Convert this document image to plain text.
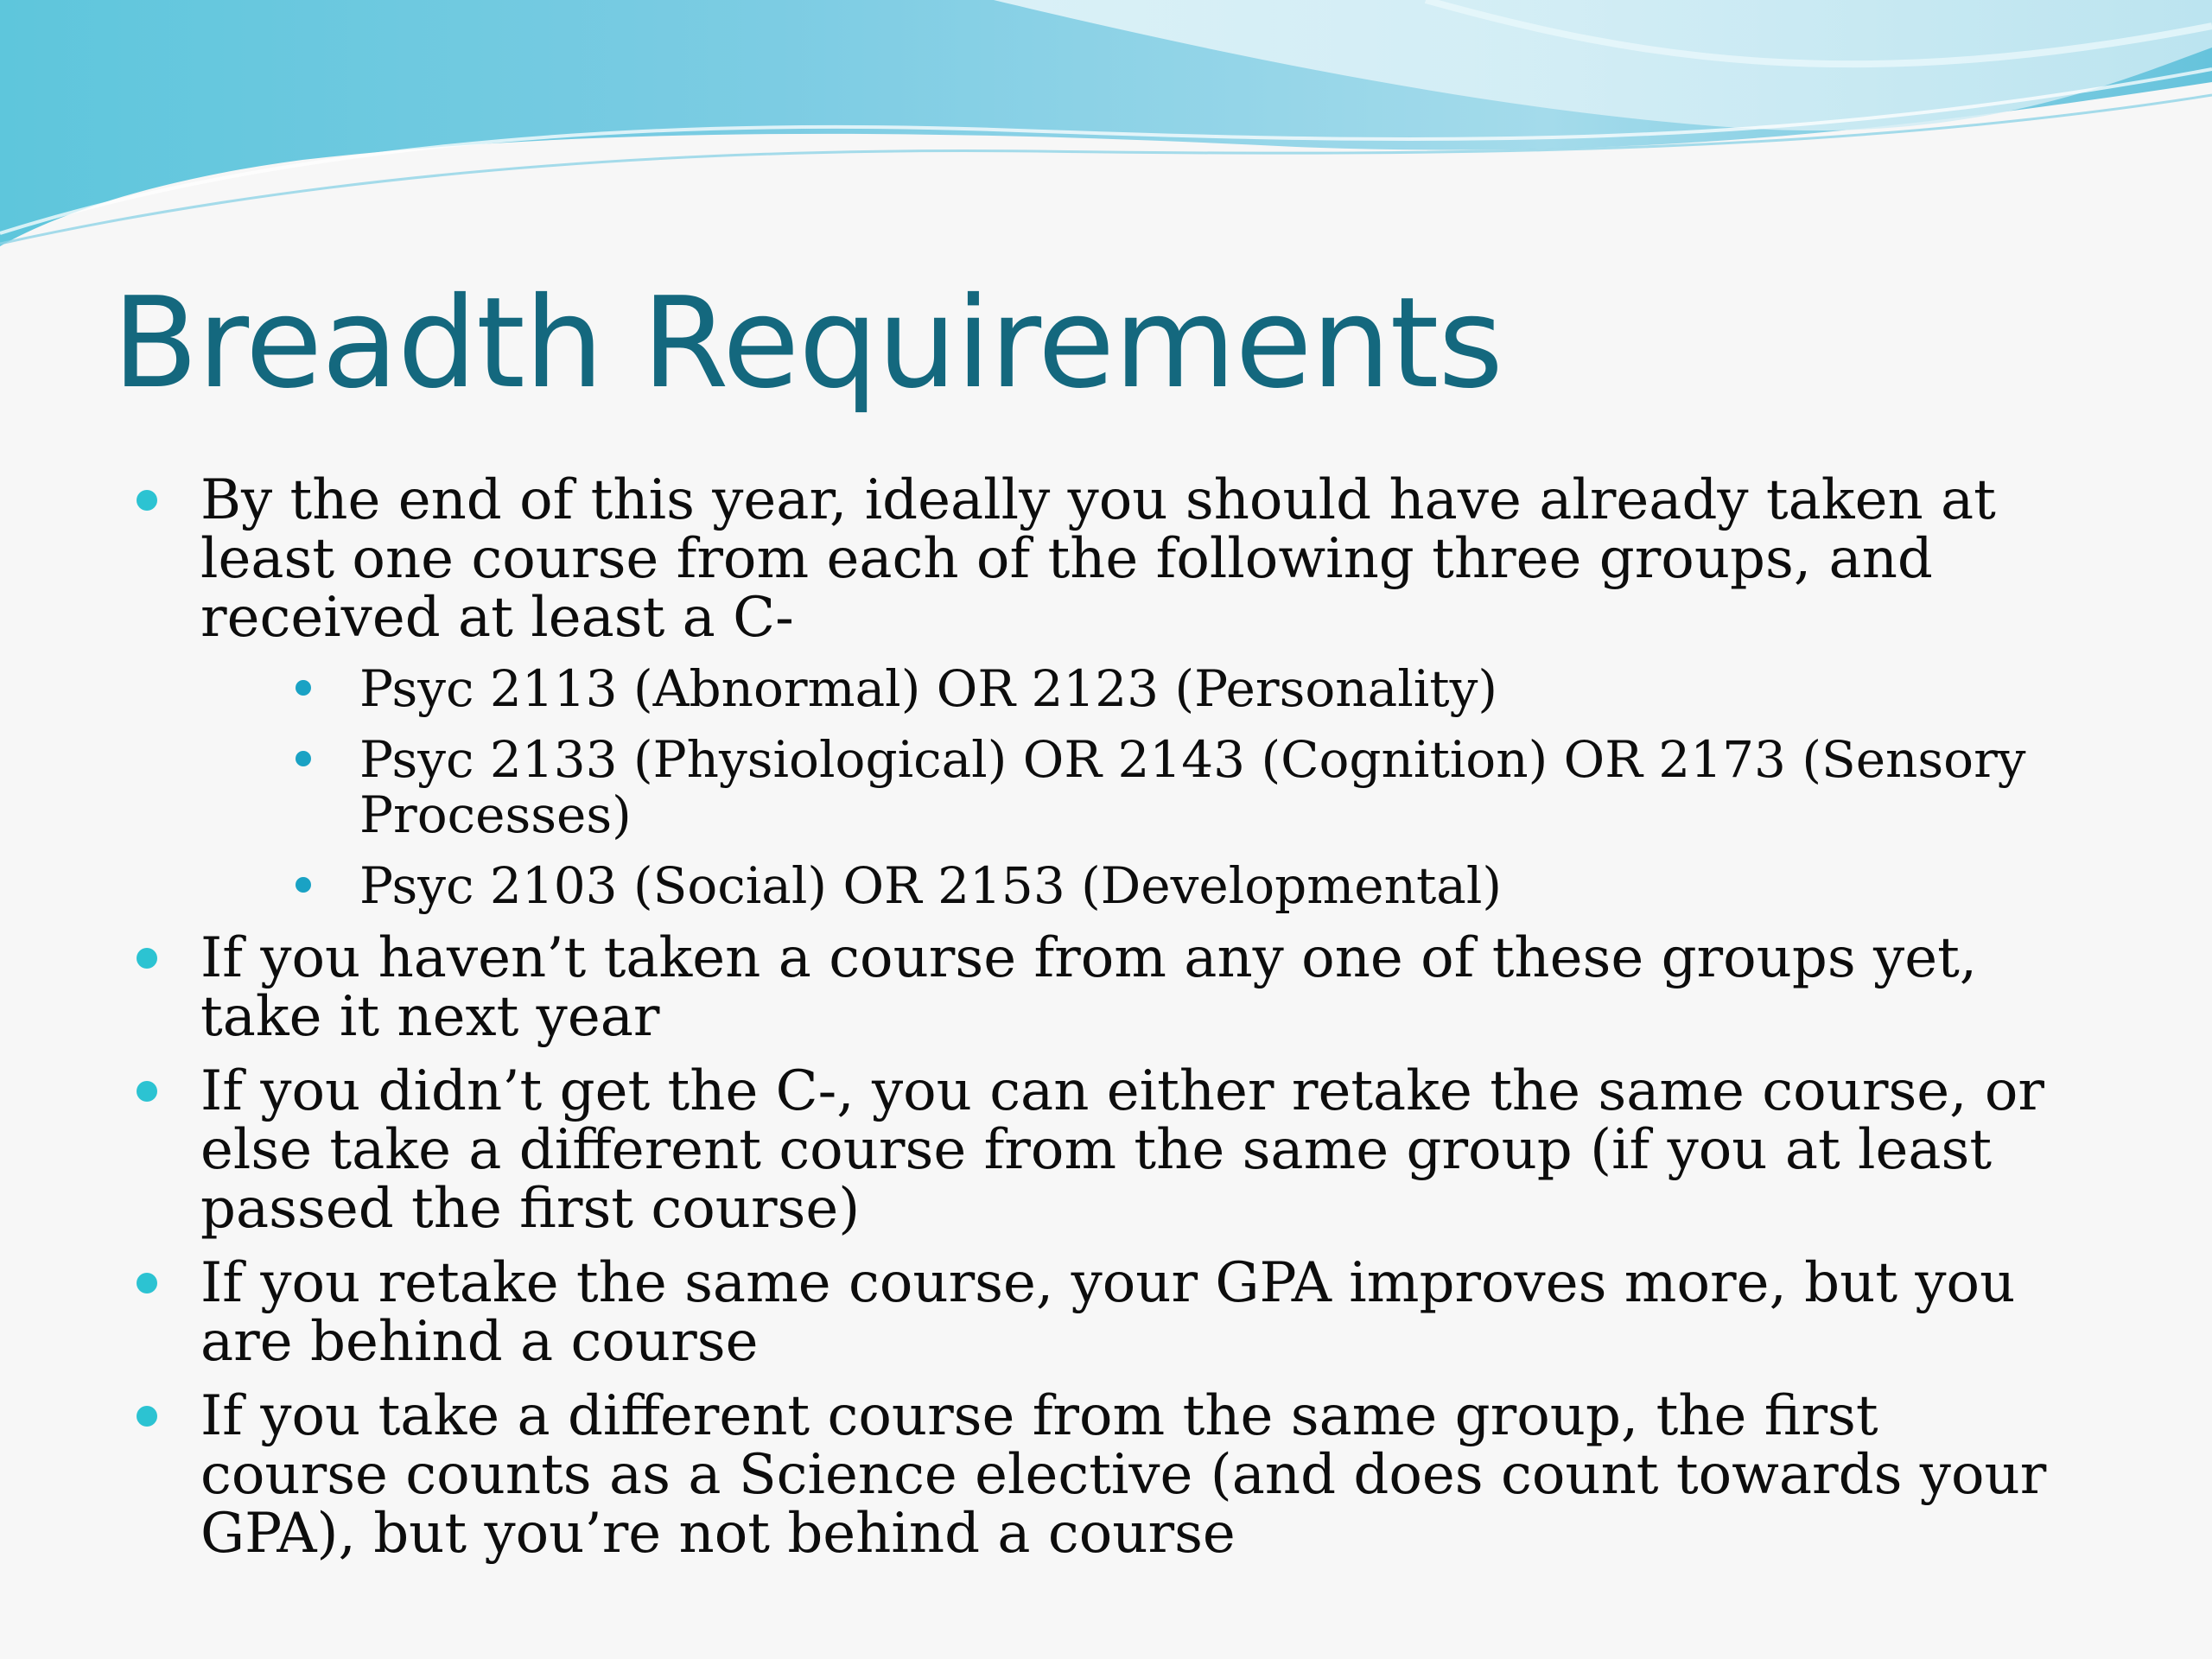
Breadth Requirements
By the end of this year, ideally you should have already taken at least one course from each of the following three groups, and received at least a C-
Psyc 2113 (Abnormal) OR 2123 (Personality)
Psyc 2133 (Physiological) OR 2143 (Cognition) OR 2173 (Sensory Processes)
Psyc 2103 (Social) OR 2153 (Developmental)
If you haven’t taken a course from any one of these groups yet, take it next year
If you didn’t get the C-, you can either retake the same course, or else take a different course from the same group (if you at least passed the first course)
If you retake the same course, your GPA improves more, but you are behind a course
If you take a different course from the same group, the first course counts as a Science elective (and does count towards your GPA), but you’re not behind a course
